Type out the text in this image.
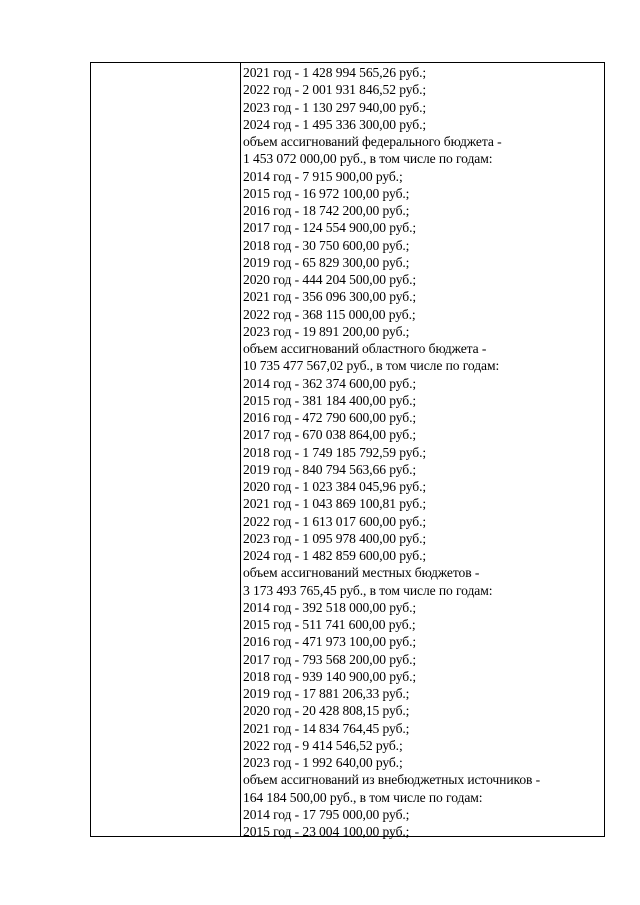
2021 год - 1 428 994 565,26 руб.;
2022 год - 2 001 931 846,52 руб.;
2023 год - 1 130 297 940,00 руб.;
2024 год - 1 495 336 300,00 руб.;
объем ассигнований федерального бюджета -
1 453 072 000,00 руб., в том числе по годам:
2014 год - 7 915 900,00 руб.;
2015 год - 16 972 100,00 руб.;
2016 год - 18 742 200,00 руб.;
2017 год - 124 554 900,00 руб.;
2018 год - 30 750 600,00 руб.;
2019 год - 65 829 300,00 руб.;
2020 год - 444 204 500,00 руб.;
2021 год - 356 096 300,00 руб.;
2022 год - 368 115 000,00 руб.;
2023 год - 19 891 200,00 руб.;
объем ассигнований областного бюджета -
10 735 477 567,02 руб., в том числе по годам:
2014 год - 362 374 600,00 руб.;
2015 год - 381 184 400,00 руб.;
2016 год - 472 790 600,00 руб.;
2017 год - 670 038 864,00 руб.;
2018 год - 1 749 185 792,59 руб.;
2019 год - 840 794 563,66 руб.;
2020 год - 1 023 384 045,96 руб.;
2021 год - 1 043 869 100,81 руб.;
2022 год - 1 613 017 600,00 руб.;
2023 год - 1 095 978 400,00 руб.;
2024 год - 1 482 859 600,00 руб.;
объем ассигнований местных бюджетов -
3 173 493 765,45 руб., в том числе по годам:
2014 год - 392 518 000,00 руб.;
2015 год - 511 741 600,00 руб.;
2016 год - 471 973 100,00 руб.;
2017 год - 793 568 200,00 руб.;
2018 год - 939 140 900,00 руб.;
2019 год - 17 881 206,33 руб.;
2020 год - 20 428 808,15 руб.;
2021 год - 14 834 764,45 руб.;
2022 год - 9 414 546,52 руб.;
2023 год - 1 992 640,00 руб.;
объем ассигнований из внебюджетных источников -
164 184 500,00 руб., в том числе по годам:
2014 год - 17 795 000,00 руб.;
2015 год - 23 004 100,00 руб.;
